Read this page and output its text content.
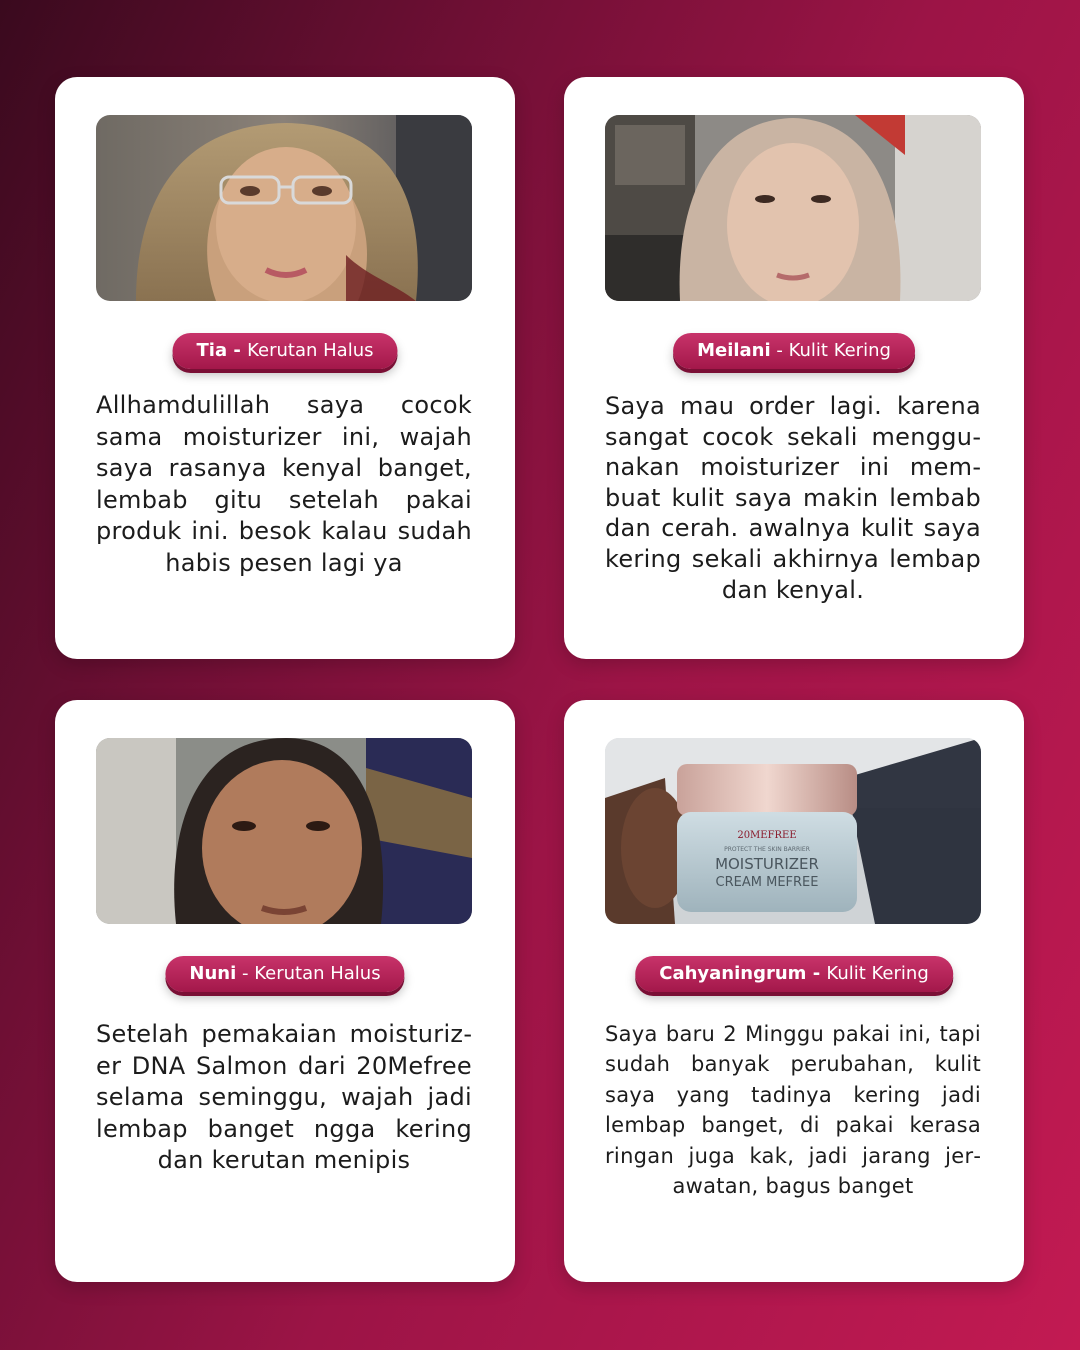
Tia - Kerutan Halus

Allhamdulillah saya cocok sama moisturizer ini, wajah saya rasanya kenyal banget, lembab gitu setelah pakai produk ini. besok kalau sudah habis pesen lagi ya

Meilani - Kulit Kering

Saya mau order lagi. karena sangat cocok sekali menggunakan moisturizer ini membuat kulit saya makin lembab dan cerah. awalnya kulit saya kering sekali akhirnya lembap dan kenyal.

Nuni - Kerutan Halus

Setelah pemakaian moisturizer DNA Salmon dari 20Mefree selama seminggu, wajah jadi lembap banget ngga kering dan kerutan menipis

20MEFREE
PROTECT THE SKIN BARRIER
MOISTURIZER
CREAM MEFREE
Cahyaningrum - Kulit Kering

Saya baru 2 Minggu pakai ini, tapi sudah banyak perubahan, kulit saya yang tadinya kering jadi lembap banget, di pakai kerasa ringan juga kak, jadi jarang jerawatan, bagus banget
